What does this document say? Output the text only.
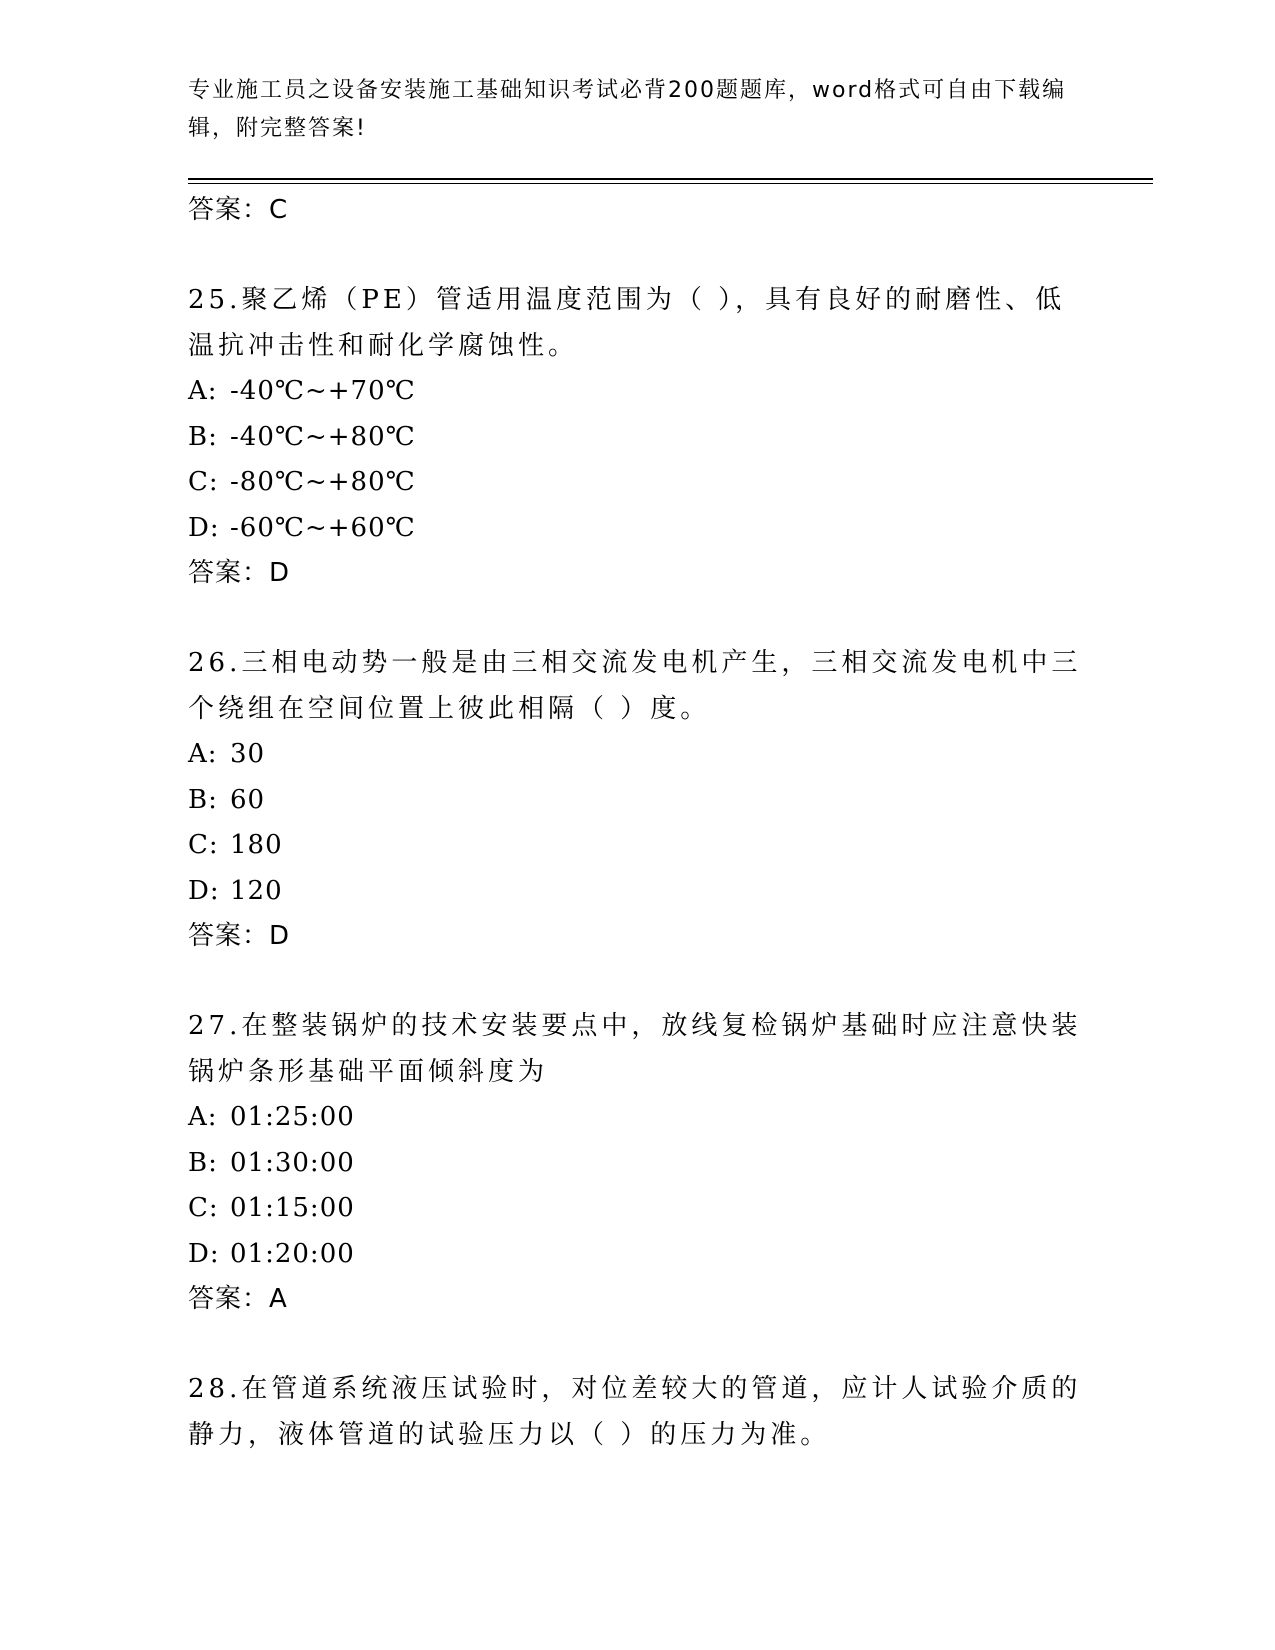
专业施工员之设备安装施工基础知识考试必背200题题库，word格式可自由下载编辑，附完整答案!
答案：C
25.聚乙烯（PE）管适用温度范围为（ ），具有良好的耐磨性、低温抗冲击性和耐化学腐蚀性。
A: -40℃~+70℃
B: -40℃~+80℃
C: -80℃~+80℃
D: -60℃~+60℃
答案：D
26.三相电动势一般是由三相交流发电机产生，三相交流发电机中三个绕组在空间位置上彼此相隔（ ）度。
A: 30
B: 60
C: 180
D: 120
答案：D
27.在整装锅炉的技术安装要点中，放线复检锅炉基础时应注意快装锅炉条形基础平面倾斜度为
A: 01:25:00
B: 01:30:00
C: 01:15:00
D: 01:20:00
答案：A
28.在管道系统液压试验时，对位差较大的管道，应计人试验介质的静力，液体管道的试验压力以（ ）的压力为准。
